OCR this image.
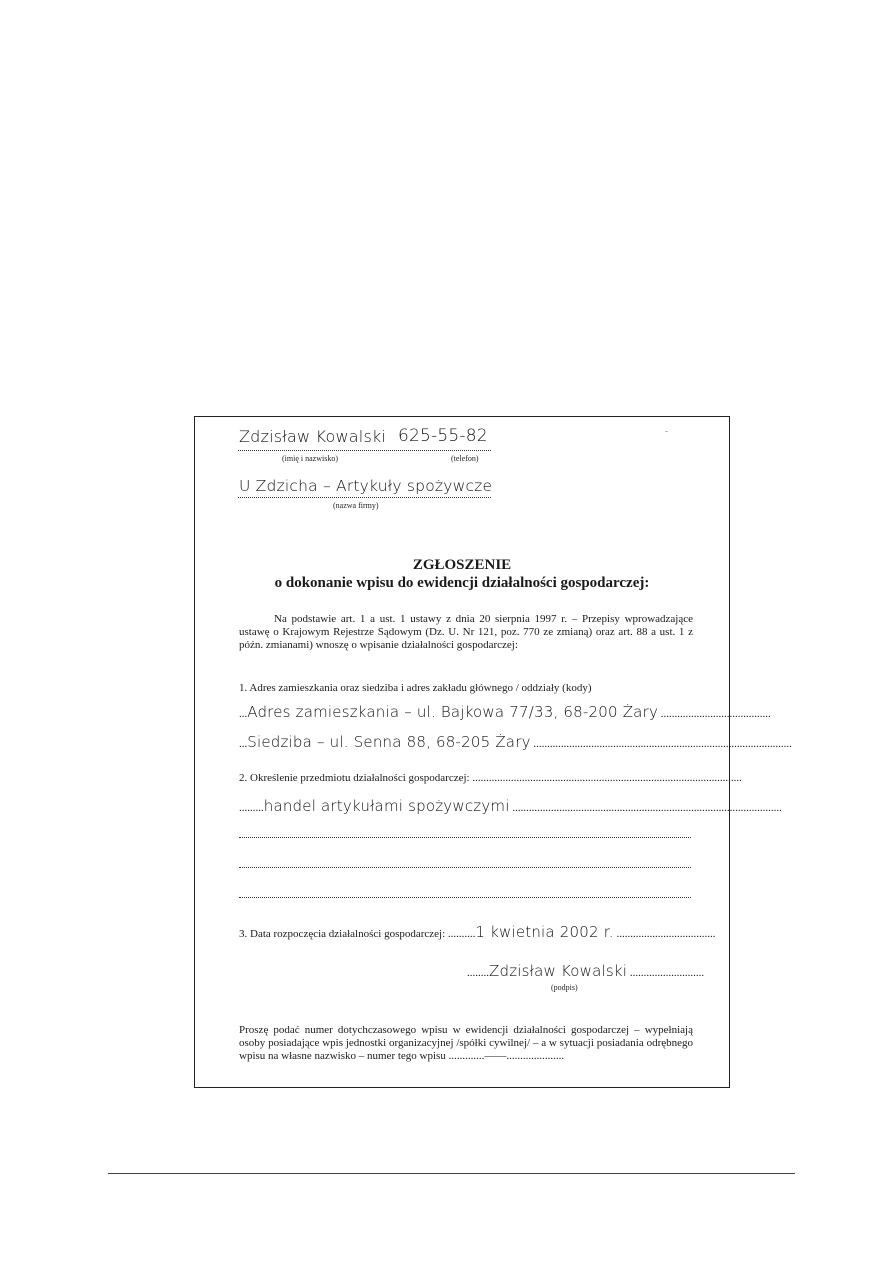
Zdzisław Kowalski 625-55-82
(imię i nazwisko)	(telefon)
U Zdzicha – Artykuły spożywcze
(nazwa firmy)
ZGŁOSZENIE
o dokonanie wpisu do ewidencji działalności gospodarczej:
Na podstawie art. 1 a ust. 1 ustawy z dnia 20 sierpnia 1997 r. – Przepisy wprowadzające ustawę o Krajowym Rejestrze Sądowym (Dz. U. Nr 121, poz. 770 ze zmianą) oraz art. 88 a ust. 1 z późn. zmianami) wnoszę o wpisanie działalności gospodarczej:
1. Adres zamieszkania oraz siedziba i adres zakładu głównego / oddziały (kody)
...Adres zamieszkania – ul. Bajkowa 77/33, 68-200 Żary ........................................
...Siedziba – ul. Senna 88, 68-205 Żary ..............................................................................................
2. Określenie przedmiotu działalności gospodarczej: ..................................................................................................
.........handel artykułami spożywczymi ..................................................................................................
3. Data rozpoczęcia działalności gospodarczej: ..........1 kwietnia 2002 r. ....................................
........Zdzisław Kowalski ...........................
(podpis)
Proszę podać numer dotychczasowego wpisu w ewidencji działalności gospodarczej – wypełniają osoby posiadające wpis jednostki organizacyjnej /spółki cywilnej/ – a w sytuacji posiadania odrębnego wpisu na własne nazwisko – numer tego wpisu .............——.....................
